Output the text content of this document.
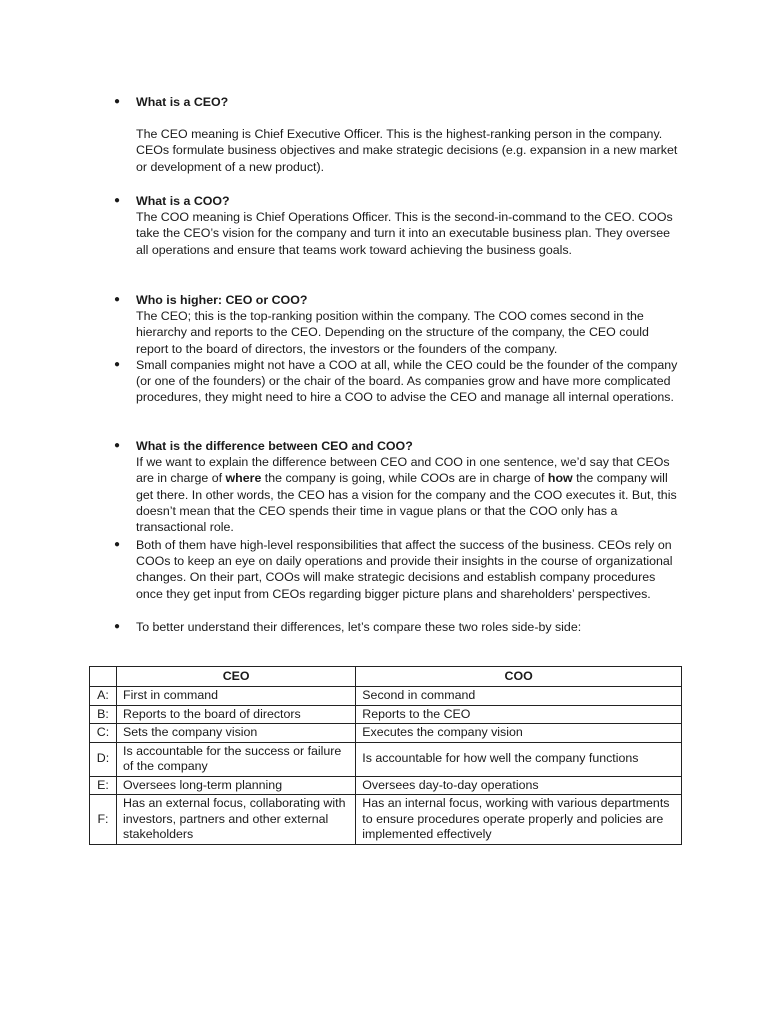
● What is a CEO?

The CEO meaning is Chief Executive Officer. This is the highest-ranking person in the company. CEOs formulate business objectives and make strategic decisions (e.g. expansion in a new market or development of a new product).

● What is a COO?

The COO meaning is Chief Operations Officer. This is the second-in-command to the CEO. COOs take the CEO’s vision for the company and turn it into an executable business plan. They oversee all operations and ensure that teams work toward achieving the business goals.

● Who is higher: CEO or COO?

The CEO; this is the top-ranking position within the company. The COO comes second in the hierarchy and reports to the CEO. Depending on the structure of the company, the CEO could report to the board of directors, the investors or the founders of the company.

● Small companies might not have a COO at all, while the CEO could be the founder of the company (or one of the founders) or the chair of the board. As companies grow and have more complicated procedures, they might need to hire a COO to advise the CEO and manage all internal operations.

● What is the difference between CEO and COO?

If we want to explain the difference between CEO and COO in one sentence, we’d say that CEOs are in charge of where the company is going, while COOs are in charge of how the company will get there. In other words, the CEO has a vision for the company and the COO executes it. But, this doesn’t mean that the CEO spends their time in vague plans or that the COO only has a transactional role.

● Both of them have high-level responsibilities that affect the success of the business. CEOs rely on COOs to keep an eye on daily operations and provide their insights in the course of organizational changes. On their part, COOs will make strategic decisions and establish company procedures once they get input from CEOs regarding bigger picture plans and shareholders’ perspectives.

● To better understand their differences, let’s compare these two roles side-by side:

	CEO	COO
A:	First in command	Second in command
B:	Reports to the board of directors	Reports to the CEO
C:	Sets the company vision	Executes the company vision
D:	Is accountable for the success or failure of the company	Is accountable for how well the company functions
E:	Oversees long-term planning	Oversees day-to-day operations
F:	Has an external focus, collaborating with investors, partners and other external stakeholders	Has an internal focus, working with various departments to ensure procedures operate properly and policies are implemented effectively
